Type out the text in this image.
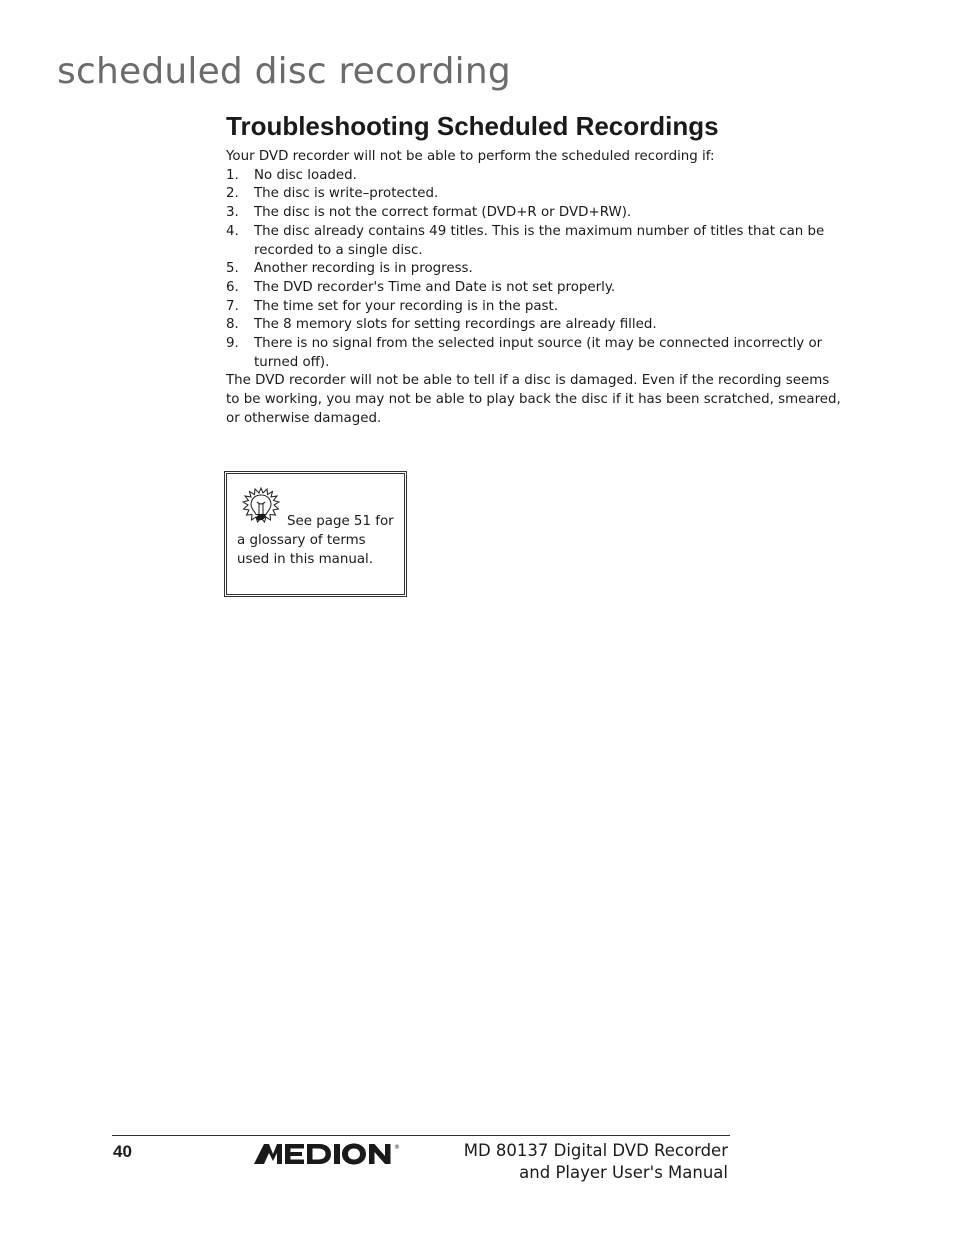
scheduled disc recording
Troubleshooting Scheduled Recordings

Your DVD recorder will not be able to perform the scheduled recording if:

1. No disc loaded.
2. The disc is write–protected.
3. The disc is not the correct format (DVD+R or DVD+RW).
4. The disc already contains 49 titles. This is the maximum number of titles that can be recorded to a single disc.
5. Another recording is in progress.
6. The DVD recorder's Time and Date is not set properly.
7. The time set for your recording is in the past.
8. The 8 memory slots for setting recordings are already filled.
9. There is no signal from the selected input source (it may be connected incorrectly or turned off).

The DVD recorder will not be able to tell if a disc is damaged. Even if the recording seems to be working, you may not be able to play back the disc if it has been scratched, smeared, or otherwise damaged.

See page 51 for a glossary of terms used in this manual.

40	®	MD 80137 Digital DVD Recorder
and Player User's Manual
